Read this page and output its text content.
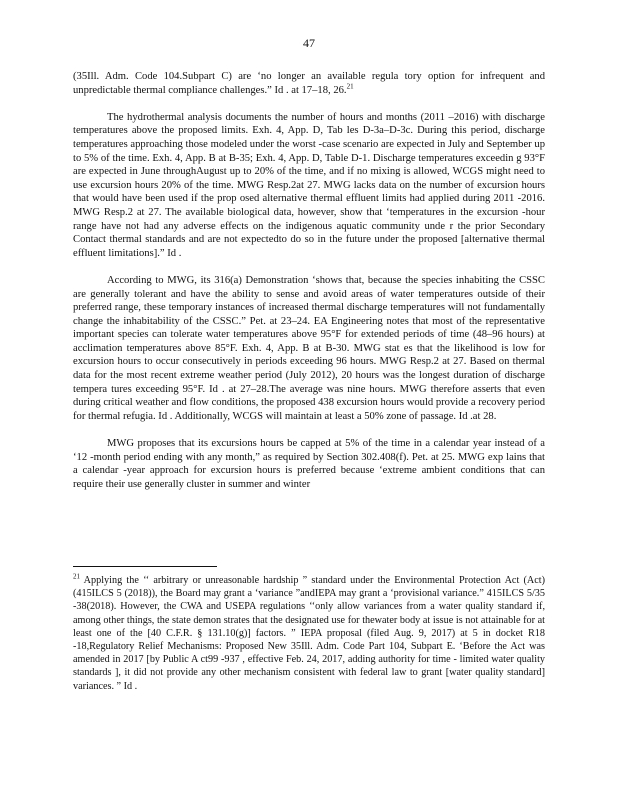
47

(35Ill. Adm. Code 104.Subpart C) are ‘no longer an available regula tory option for infrequent and unpredictable thermal compliance challenges.” Id . at 17–18, 26.21

The hydrothermal analysis documents the number of hours and months (2011 –2016) with discharge temperatures above the proposed limits. Exh. 4, App. D, Tab les D-3a–D-3c. During this period, discharge temperatures approaching those modeled under the worst -case scenario are expected in July and September up to 5% of the time. Exh. 4, App. B at B-35; Exh. 4, App. D, Table D-1. Discharge temperatures exceedin g 93°F are expected in June throughAugust up to 20% of the time, and if no mixing is allowed, WCGS might need to use excursion hours 20% of the time. MWG Resp.2at 27. MWG lacks data on the number of excursion hours that would have been used if the prop osed alternative thermal effluent limits had applied during 2011 -2016. MWG Resp.2 at 27. The available biological data, however, show that ‘temperatures in the excursion -hour range have not had any adverse effects on the indigenous aquatic community unde r the prior Secondary Contact thermal standards and are not expectedto do so in the future under the proposed [alternative thermal effluent limitations].” Id .

According to MWG, its 316(a) Demonstration ‘shows that, because the species inhabiting the CSSC are generally tolerant and have the ability to sense and avoid areas of water temperatures outside of their preferred range, these temporary instances of increased thermal discharge temperatures will not fundamentally change the inhabitability of the CSSC.” Pet. at 23–24. EA Engineering notes that most of the representative important species can tolerate water temperatures above 95°F for extended periods of time (48–96 hours) at acclimation temperatures above 85°F. Exh. 4, App. B at B-30. MWG stat es that the likelihood is low for excursion hours to occur consecutively in periods exceeding 96 hours. MWG Resp.2 at 27. Based on thermal data for the most recent extreme weather period (July 2012), 20 hours was the longest duration of discharge tempera tures exceeding 95°F. Id . at 27–28.The average was nine hours. MWG therefore asserts that even during critical weather and flow conditions, the proposed 438 excursion hours would provide a recovery period for thermal refugia. Id . Additionally, WCGS will maintain at least a 50% zone of passage. Id .at 28.

MWG proposes that its excursions hours be capped at 5% of the time in a calendar year instead of a ‘12 -month period ending with any month,” as required by Section 302.408(f). Pet. at 25. MWG exp lains that a calendar -year approach for excursion hours is preferred because ‘extreme ambient conditions that can require their use generally cluster in summer and winter

$^{21}$ Applying the ‘‘ arbitrary or unreasonable hardship ” standard under the Environmental Protection Act (Act) (415ILCS 5 (2018)), the Board may grant a ‘variance ”andIEPA may grant a ‘provisional variance.” 415ILCS 5/35 -38(2018). However, the CWA and USEPA regulations ‘‘only allow variances from a water quality standard if, among other things, the state demon strates that the designated use for thewater body at issue is not attainable for at least one of the [40 C.F.R. § 131.10(g)] factors. ” IEPA proposal (filed Aug. 9, 2017) at 5 in docket R18 -18,Regulatory Relief Mechanisms: Proposed New 35Ill. Adm. Code Part 104, Subpart E. ‘Before the Act was amended in 2017 [by Public A ct99 -937 , effective Feb. 24, 2017, adding authority for time - limited water quality standards ], it did not provide any other mechanism consistent with federal law to grant [water quality standard] variances. ” Id .
